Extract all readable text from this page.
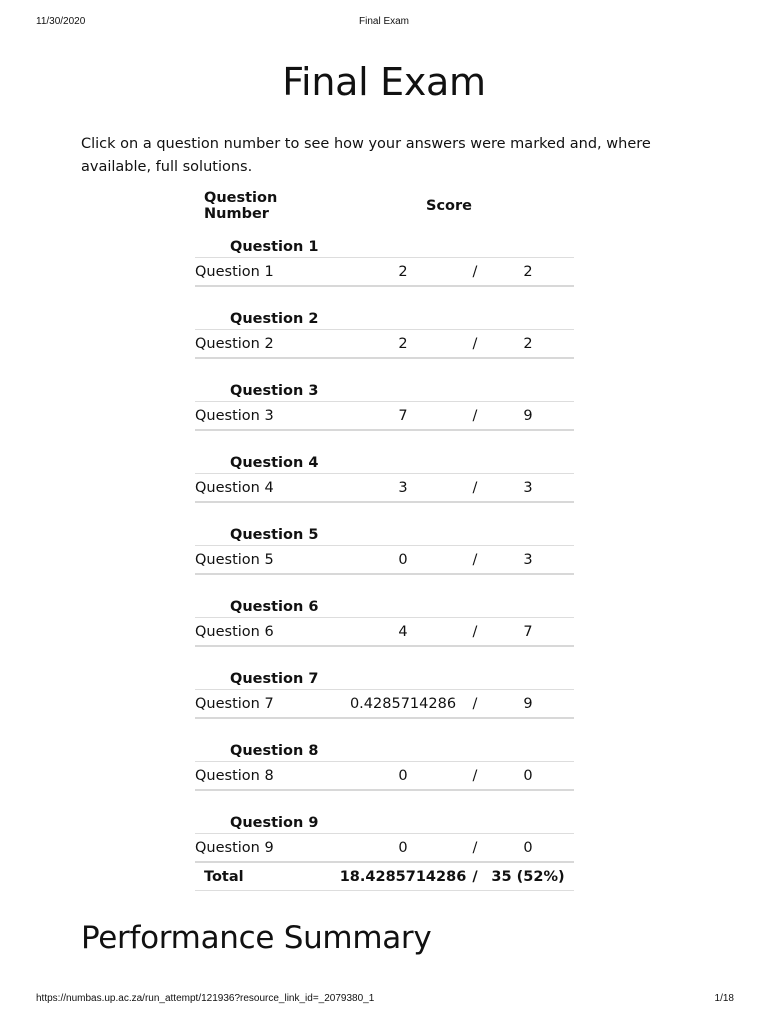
11/30/2020	Final Exam
Final Exam

Click on a question number to see how your answers were marked and, where available, full solutions.

Question Number	Score		
Question 1			
Question 1	2	/	2
Question 2			
Question 2	2	/	2
Question 3			
Question 3	7	/	9
Question 4			
Question 4	3	/	3
Question 5			
Question 5	0	/	3
Question 6			
Question 6	4	/	7
Question 7			
Question 7	0.4285714286	/	9
Question 8			
Question 8	0	/	0
Question 9			
Question 9	0	/	0
Total	18.4285714286	/	35 (52%)
Performance Summary
https://numbas.up.ac.za/run_attempt/121936?resource_link_id=_2079380_1	1/18
